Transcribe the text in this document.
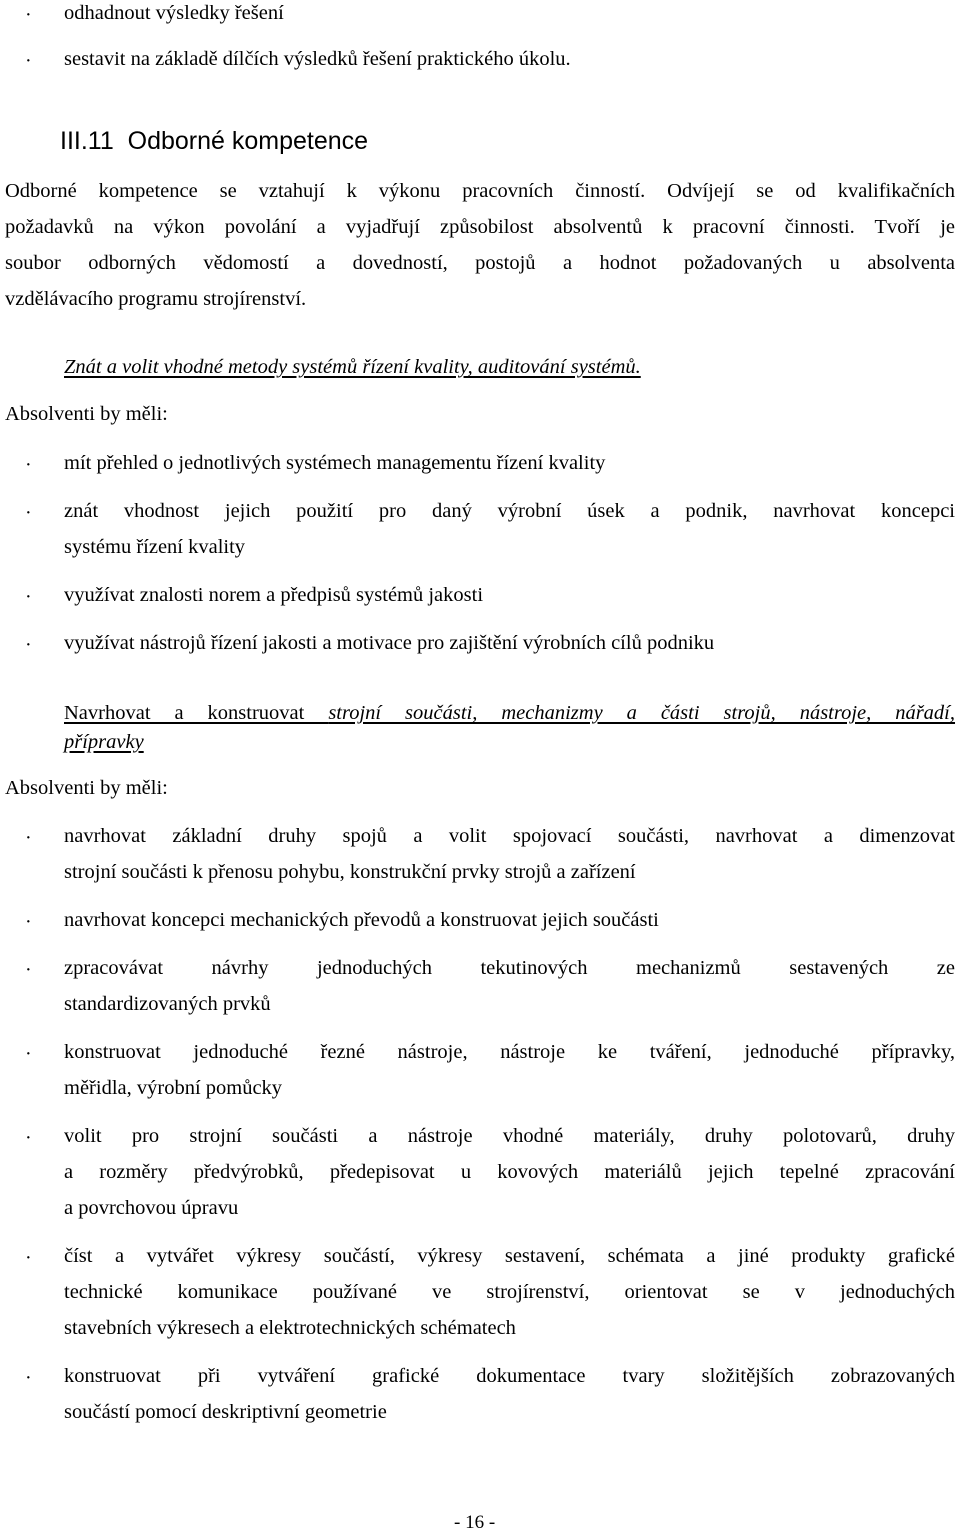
· odhadnout výsledky řešení
· sestavit na základě dílčích výsledků řešení praktického úkolu.
III.11  Odborné kompetence
Odborné kompetence se vztahují k výkonu pracovních činností. Odvíjejí se od kvalifikačních
požadavků na výkon povolání a vyjadřují způsobilost absolventů k pracovní činnosti. Tvoří je
soubor odborných vědomostí a dovedností, postojů a hodnot požadovaných u absolventa
vzdělávacího programu strojírenství.
Znát a volit vhodné metody systémů řízení kvality, auditování systémů.
Absolventi by měli:
· mít přehled o jednotlivých systémech managementu řízení kvality
· znát vhodnost jejich použití pro daný výrobní úsek a podnik, navrhovat koncepci
systému řízení kvality
· využívat znalosti norem a předpisů systémů jakosti
· využívat nástrojů řízení jakosti a motivace pro zajištění výrobních cílů podniku
Navrhovat a konstruovat strojní součásti, mechanizmy a části strojů, nástroje, nářadí,
přípravky
Absolventi by měli:
· navrhovat základní druhy spojů a volit spojovací součásti, navrhovat a dimenzovat
strojní součásti k přenosu pohybu, konstrukční prvky strojů a zařízení
· navrhovat koncepci mechanických převodů a konstruovat jejich součásti
· zpracovávat návrhy jednoduchých tekutinových mechanizmů sestavených ze
standardizovaných prvků
· konstruovat jednoduché řezné nástroje, nástroje ke tváření, jednoduché přípravky,
měřidla, výrobní pomůcky
· volit pro strojní součásti a nástroje vhodné materiály, druhy polotovarů, druhy
a rozměry předvýrobků, předepisovat u kovových materiálů jejich tepelné zpracování
a povrchovou úpravu
· číst a vytvářet výkresy součástí, výkresy sestavení, schémata a jiné produkty grafické
technické komunikace používané ve strojírenství, orientovat se v jednoduchých
stavebních výkresech a elektrotechnických schématech
· konstruovat při vytváření grafické dokumentace tvary složitějších zobrazovaných
součástí pomocí deskriptivní geometrie
- 16 -
